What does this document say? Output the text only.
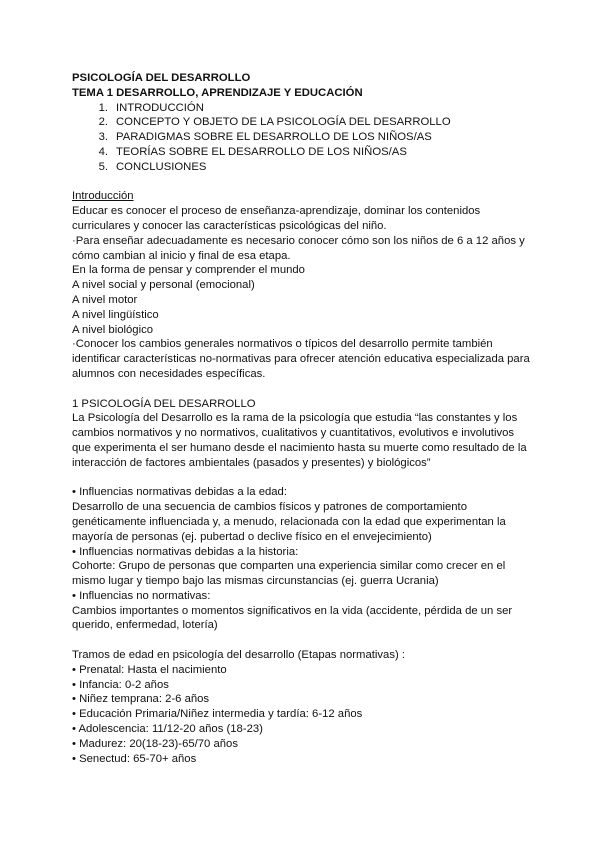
PSICOLOGÍA DEL DESARROLLO

TEMA 1 DESARROLLO, APRENDIZAJE Y EDUCACIÓN

1. INTRODUCCIÓN
2. CONCEPTO Y OBJETO DE LA PSICOLOGÍA DEL DESARROLLO
3. PARADIGMAS SOBRE EL DESARROLLO DE LOS NIÑOS/AS
4. TEORÍAS SOBRE EL DESARROLLO DE LOS NIÑOS/AS
5. CONCLUSIONES

Introducción

Educar es conocer el proceso de enseñanza-aprendizaje, dominar los contenidos curriculares y conocer las características psicológicas del niño.

·Para enseñar adecuadamente es necesario conocer cómo son los niños de 6 a 12 años y cómo cambian al inicio y final de esa etapa.

En la forma de pensar y comprender el mundo

A nivel social y personal (emocional)

A nivel motor

A nivel lingüístico

A nivel biológico

·Conocer los cambios generales normativos o típicos del desarrollo permite también identificar características no-normativas para ofrecer atención educativa especializada para alumnos con necesidades específicas.

1 PSICOLOGÍA DEL DESARROLLO

La Psicología del Desarrollo es la rama de la psicología que estudia “las constantes y los cambios normativos y no normativos, cualitativos y cuantitativos, evolutivos e involutivos que experimenta el ser humano desde el nacimiento hasta su muerte como resultado de la interacción de factores ambientales (pasados y presentes) y biológicos”

• Influencias normativas debidas a la edad:

Desarrollo de una secuencia de cambios físicos y patrones de comportamiento genéticamente influenciada y, a menudo, relacionada con la edad que experimentan la mayoría de personas (ej. pubertad o declive físico en el envejecimiento)

• Influencias normativas debidas a la historia:

Cohorte: Grupo de personas que comparten una experiencia similar como crecer en el mismo lugar y tiempo bajo las mismas circunstancias (ej. guerra Ucrania)

• Influencias no normativas:

Cambios importantes o momentos significativos en la vida (accidente, pérdida de un ser querido, enfermedad, lotería)

Tramos de edad en psicología del desarrollo (Etapas normativas) :

• Prenatal: Hasta el nacimiento
• Infancia: 0-2 años
• Niñez temprana: 2-6 años
• Educación Primaria/Niñez intermedia y tardía: 6-12 años
• Adolescencia: 11/12-20 años (18-23)
• Madurez: 20(18-23)-65/70 años
• Senectud: 65-70+ años
